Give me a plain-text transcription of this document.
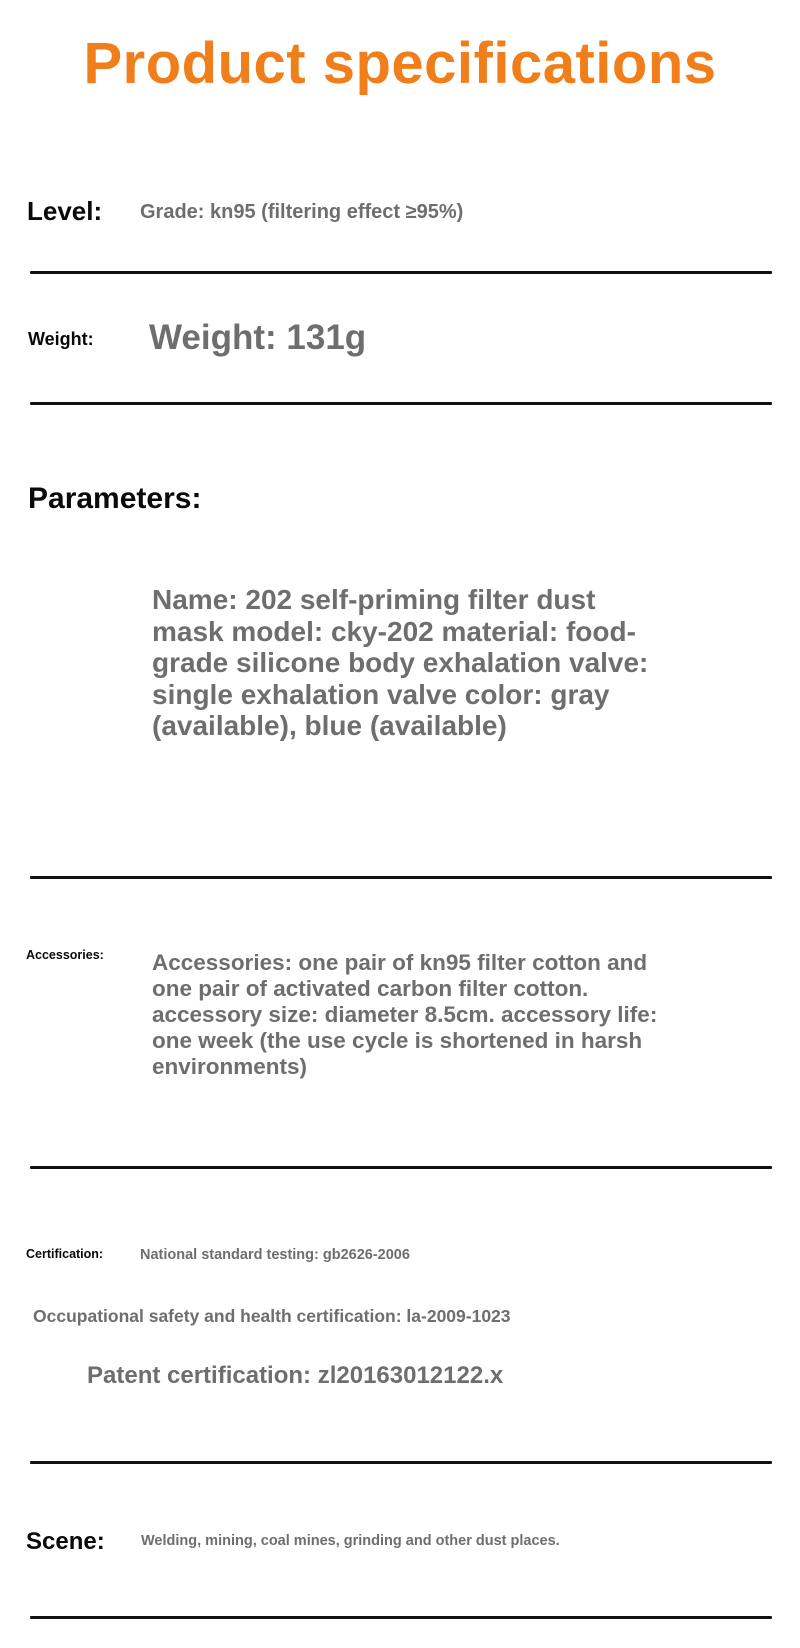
Product specifications
Level: Grade: kn95 (filtering effect ≥95%)
Weight: Weight: 131g
Parameters:
Name: 202 self-priming filter dust mask model: cky-202 material: food-grade silicone body exhalation valve: single exhalation valve color: gray (available), blue (available)
Accessories: Accessories: one pair of kn95 filter cotton and one pair of activated carbon filter cotton. accessory size: diameter 8.5cm. accessory life: one week (the use cycle is shortened in harsh environments)
Certification:	National standard testing: gb2626-2006
Occupational safety and health certification: la-2009-1023
Patent certification: zl20163012122.x
Scene:	Welding, mining, coal mines, grinding and other dust places.
